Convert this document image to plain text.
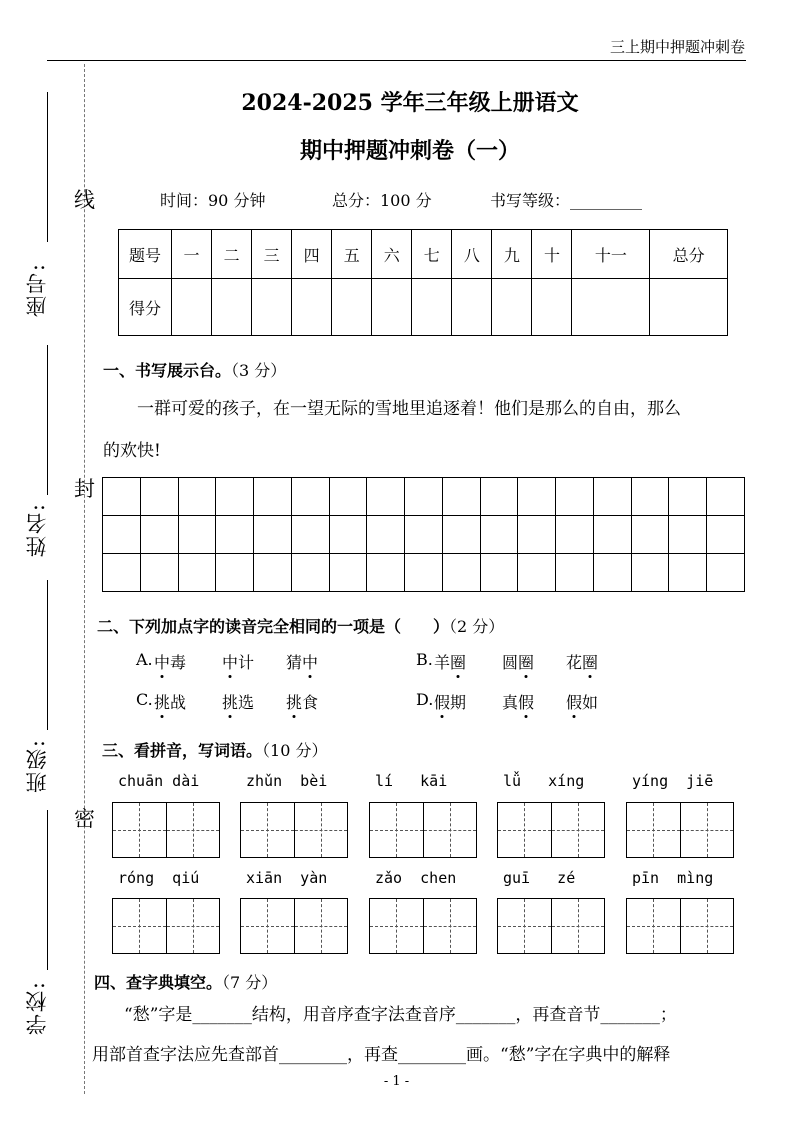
三上期中押题冲刺卷
座号:
姓名:
班级:
学校:
线
封
密
2024-2025 学年三年级上册语文
期中押题冲刺卷（一）
时间：90 分钟	总分：100 分	书写等级：_________
题号	一	二	三	四	五	六	七	八	九	十	十一	总分
得分												
一、书写展示台。（3 分）
一群可爱的孩子，在一望无际的雪地里追逐着！他们是那么的自由，那么
的欢快!
二、下列加点字的读音完全相同的一项是（　　）（2 分）
A. 中毒 中计 猜中	B. 羊圈 圆圈 花圈
C. 挑战 挑选 挑食	D. 假期 真假 假如
三、看拼音，写词语。（10 分）
chuān dài	zhǔn  bèi	lí   kāi	lǚ   xíng	yíng  jiē
róng  qiú	xiān  yàn	zǎo  chen	guī   zé	pīn  mìng
四、查字典填空。（7 分）
“愁”字是_______结构，用音序查字法查音序_______，再查音节_______；
用部首查字法应先查部首________，再查________画。“愁”字在字典中的解释
- 1 -
